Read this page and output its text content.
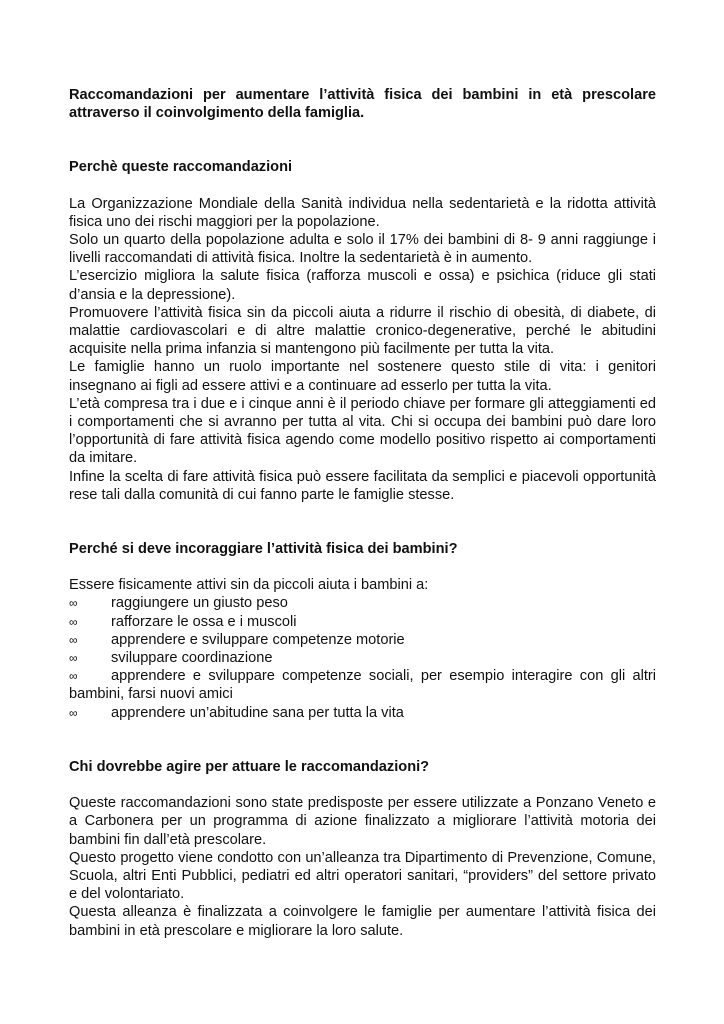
Raccomandazioni per aumentare l’attività fisica dei bambini in età prescolare attraverso il coinvolgimento della famiglia.

Perchè queste raccomandazioni

La Organizzazione Mondiale della Sanità individua nella sedentarietà e la ridotta attività fisica uno dei rischi maggiori per la popolazione.

Solo un quarto della popolazione adulta e solo il 17% dei bambini di 8- 9 anni raggiunge i livelli raccomandati di attività fisica. Inoltre la sedentarietà è in aumento.

L’esercizio migliora la salute fisica (rafforza muscoli e ossa) e psichica (riduce gli stati d’ansia e la depressione).

Promuovere l’attività fisica sin da piccoli aiuta a ridurre il rischio di obesità, di diabete, di malattie cardiovascolari e di altre malattie cronico-degenerative, perché le abitudini acquisite nella prima infanzia si mantengono più facilmente per tutta la vita.

Le famiglie hanno un ruolo importante nel sostenere questo stile di vita: i genitori insegnano ai figli ad essere attivi e a continuare ad esserlo per tutta la vita.

L’età compresa tra i due e i cinque anni è il periodo chiave per formare gli atteggiamenti ed i comportamenti che si avranno per tutta al vita. Chi si occupa dei bambini può dare loro l’opportunità di fare attività fisica agendo come modello positivo rispetto ai comportamenti da imitare.

Infine la scelta di fare attività fisica può essere facilitata da semplici e piacevoli opportunità rese tali dalla comunità di cui fanno parte le famiglie stesse.

Perché si deve incoraggiare l’attività fisica dei bambini?

Essere fisicamente attivi sin da piccoli aiuta i bambini a:

∞	raggiungere un giusto peso
∞	rafforzare le ossa e i muscoli
∞	apprendere e sviluppare competenze motorie
∞	sviluppare coordinazione

∞ apprendere e sviluppare competenze sociali, per esempio interagire con gli altri bambini, farsi nuovi amici

∞	apprendere un’abitudine sana per tutta la vita

Chi dovrebbe agire per attuare le raccomandazioni?

Queste raccomandazioni sono state predisposte per essere utilizzate a Ponzano Veneto e a Carbonera per un programma di azione finalizzato a migliorare l’attività motoria dei bambini fin dall’età prescolare.

Questo progetto viene condotto con un’alleanza tra Dipartimento di Prevenzione, Comune, Scuola, altri Enti Pubblici, pediatri ed altri operatori sanitari, “providers” del settore privato e del volontariato.

Questa alleanza è finalizzata a coinvolgere le famiglie per aumentare l’attività fisica dei bambini in età prescolare e migliorare la loro salute.
